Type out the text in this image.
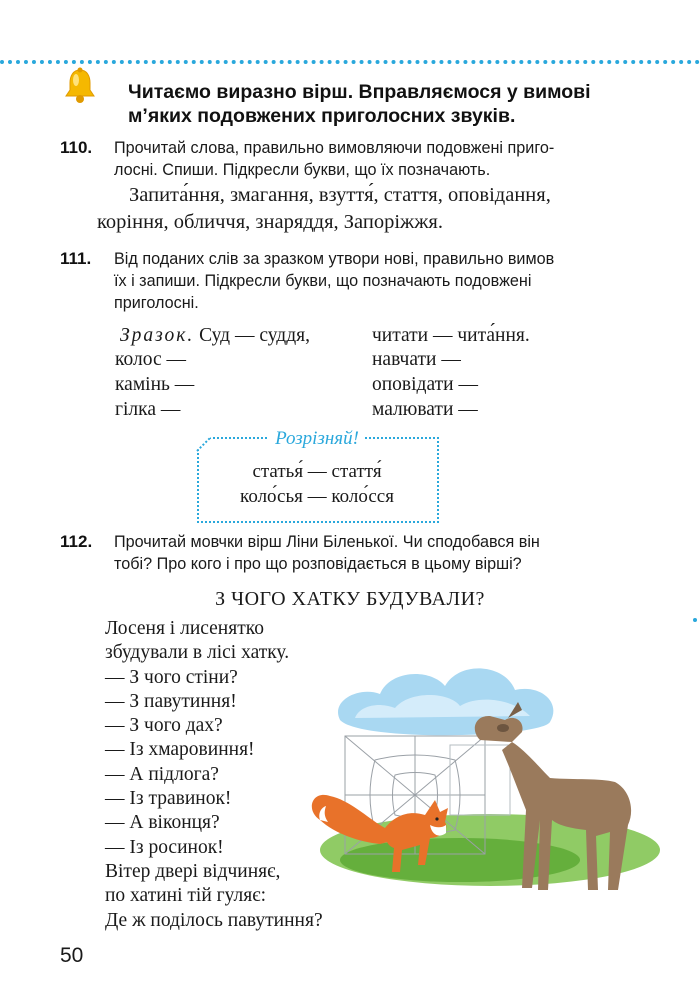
Читаємо виразно вірш. Вправляємося у вимові
м’яких подовжених приголосних звуків.
110. Прочитай слова, правильно вимовляючи подовжені приго-
лосні. Спиши. Підкресли букви, що їх позначають.
Запита́ння, змагання, взуття́, стаття, оповідання,
коріння, обличчя, знаряддя, Запоріжжя.
111. Від поданих слів за зразком утвори нові, правильно вимов
їх і запиши. Підкресли букви, що позначають подовжені
приголосні.
Зразок. Суд — суддя,	читати — чита́ння.
колос —
камінь —
гілка —
навчати —
оповідати —
малювати —
Розрізняй!
статья́ — стаття́
коло́сья — коло́сся
112. Прочитай мовчки вірш Ліни Біленької. Чи сподобався він
тобі? Про кого і про що розповідається в цьому вірші?
З ЧОГО ХАТКУ БУДУВАЛИ?
Лосеня і лисенятко
збудували в лісі хатку.
— З чого стіни?
— З павутиння!
— З чого дах?
— Із хмаровиння!
— А підлога?
— Із травинок!
— А віконця?
— Із росинок!
Вітер двері відчиняє,
по хатині тій гуляє:
Де ж поділось павутиння?
50
